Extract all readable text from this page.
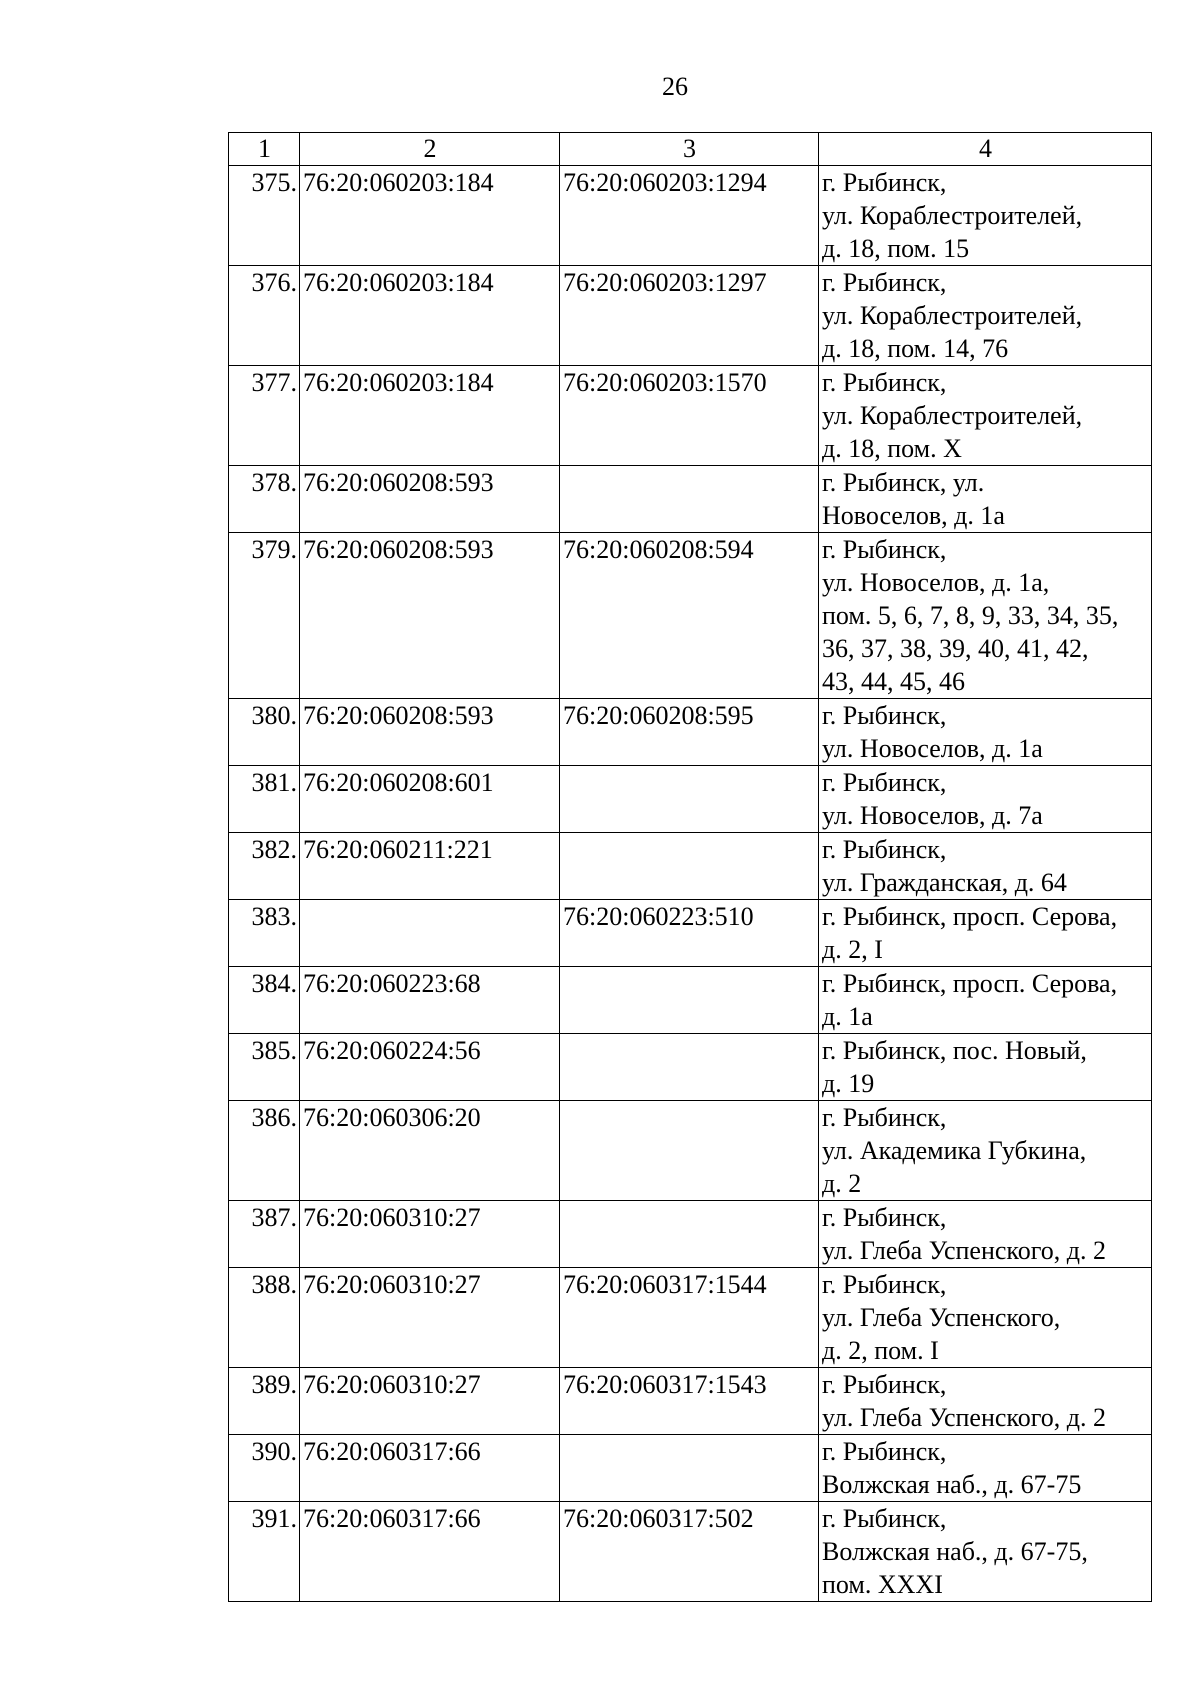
26
1	2	3	4
375.	76:20:060203:184	76:20:060203:1294	г. Рыбинск,
ул. Кораблестроителей,
д. 18, пом. 15
376.	76:20:060203:184	76:20:060203:1297	г. Рыбинск,
ул. Кораблестроителей,
д. 18, пом. 14, 76
377.	76:20:060203:184	76:20:060203:1570	г. Рыбинск,
ул. Кораблестроителей,
д. 18, пом. X
378.	76:20:060208:593		г. Рыбинск, ул.
Новоселов, д. 1а
379.	76:20:060208:593	76:20:060208:594	г. Рыбинск,
ул. Новоселов, д. 1а,
пом. 5, 6, 7, 8, 9, 33, 34, 35,
36, 37, 38, 39, 40, 41, 42,
43, 44, 45, 46
380.	76:20:060208:593	76:20:060208:595	г. Рыбинск,
ул. Новоселов, д. 1а
381.	76:20:060208:601		г. Рыбинск,
ул. Новоселов, д. 7а
382.	76:20:060211:221		г. Рыбинск,
ул. Гражданская, д. 64
383.		76:20:060223:510	г. Рыбинск, просп. Серова,
д. 2, I
384.	76:20:060223:68		г. Рыбинск, просп. Серова,
д. 1а
385.	76:20:060224:56		г. Рыбинск, пос. Новый,
д. 19
386.	76:20:060306:20		г. Рыбинск,
ул. Академика Губкина,
д. 2
387.	76:20:060310:27		г. Рыбинск,
ул. Глеба Успенского, д. 2
388.	76:20:060310:27	76:20:060317:1544	г. Рыбинск,
ул. Глеба Успенского,
д. 2, пом. I
389.	76:20:060310:27	76:20:060317:1543	г. Рыбинск,
ул. Глеба Успенского, д. 2
390.	76:20:060317:66		г. Рыбинск,
Волжская наб., д. 67-75
391.	76:20:060317:66	76:20:060317:502	г. Рыбинск,
Волжская наб., д. 67-75,
пом. XXXI
